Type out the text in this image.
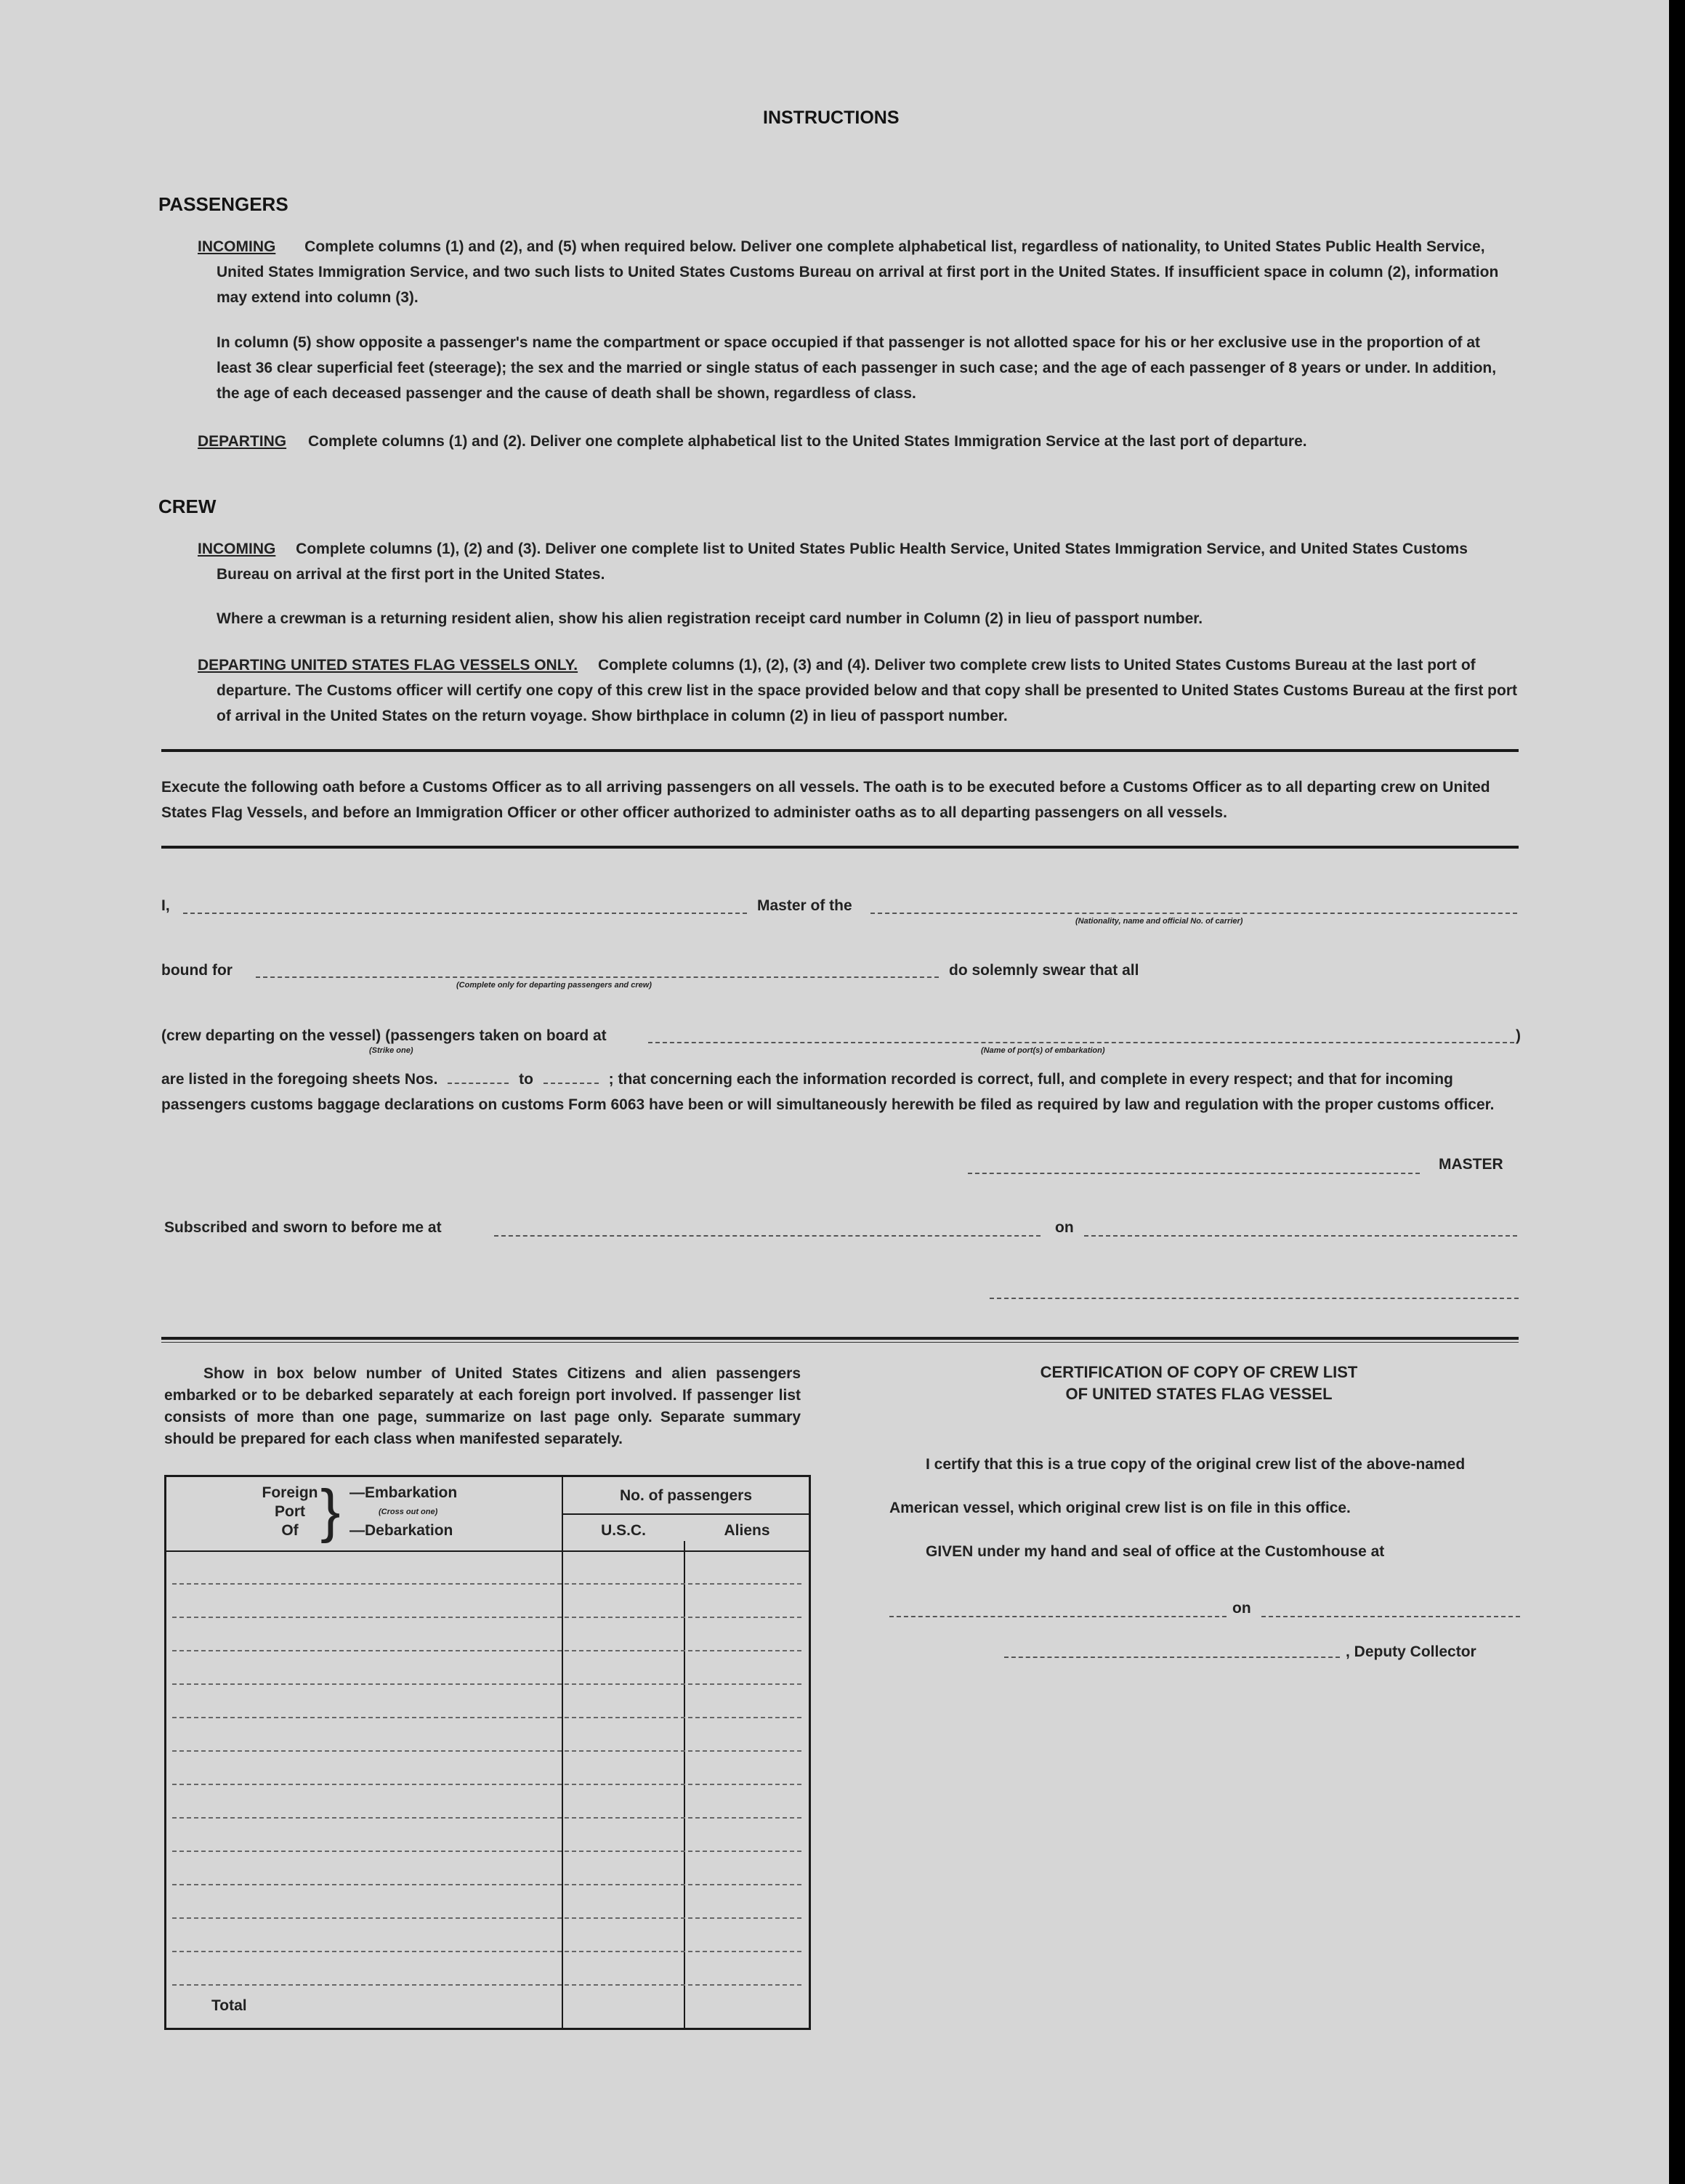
INSTRUCTIONS
PASSENGERS
INCOMING Complete columns (1) and (2), and (5) when required below. Deliver one complete alphabetical list, regardless of nationality, to United States Public Health Service, United States Immigration Service, and two such lists to United States Customs Bureau on arrival at first port in the United States. If insufficient space in column (2), information may extend into column (3).
In column (5) show opposite a passenger's name the compartment or space occupied if that passenger is not allotted space for his or her exclusive use in the proportion of at least 36 clear superficial feet (steerage); the sex and the married or single status of each passenger in such case; and the age of each passenger of 8 years or under. In addition, the age of each deceased passenger and the cause of death shall be shown, regardless of class.
DEPARTING Complete columns (1) and (2). Deliver one complete alphabetical list to the United States Immigration Service at the last port of departure.
CREW
INCOMING Complete columns (1), (2) and (3). Deliver one complete list to United States Public Health Service, United States Immigration Service, and United States Customs Bureau on arrival at the first port in the United States.
Where a crewman is a returning resident alien, show his alien registration receipt card number in Column (2) in lieu of passport number.
DEPARTING UNITED STATES FLAG VESSELS ONLY. Complete columns (1), (2), (3) and (4). Deliver two complete crew lists to United States Customs Bureau at the last port of departure. The Customs officer will certify one copy of this crew list in the space provided below and that copy shall be presented to United States Customs Bureau at the first port of arrival in the United States on the return voyage. Show birthplace in column (2) in lieu of passport number.
Execute the following oath before a Customs Officer as to all arriving passengers on all vessels. The oath is to be executed before a Customs Officer as to all departing crew on United States Flag Vessels, and before an Immigration Officer or other officer authorized to administer oaths as to all departing passengers on all vessels.
I,	Master of the
(Nationality, name and official No. of carrier)
bound for
(Complete only for departing passengers and crew)
do solemnly swear that all
(crew departing on the vessel) (passengers taken on board at	)
(Strike one)	(Name of port(s) of embarkation)
are listed in the foregoing sheets Nos.	to	; that concerning each the information recorded is correct, full, and complete in every respect; and that for incoming passengers customs baggage declarations on customs Form 6063 have been or will simultaneously herewith be filed as required by law and regulation with the proper customs officer.
MASTER
Subscribed and sworn to before me at	on
Show in box below number of United States Citizens and alien passengers embarked or to be debarked separately at each foreign port involved. If passenger list consists of more than one page, summarize on last page only. Separate summary should be prepared for each class when manifested separately.
Foreign
Port
Of } —Embarkation
(Cross out one)
—Debarkation
No. of passengers
U.S.C.	Aliens
Total
CERTIFICATION OF COPY OF CREW LIST
OF UNITED STATES FLAG VESSEL
I certify that this is a true copy of the original crew list of the above-named
American vessel, which original crew list is on file in this office.
GIVEN under my hand and seal of office at the Customhouse at
on
, Deputy Collector
